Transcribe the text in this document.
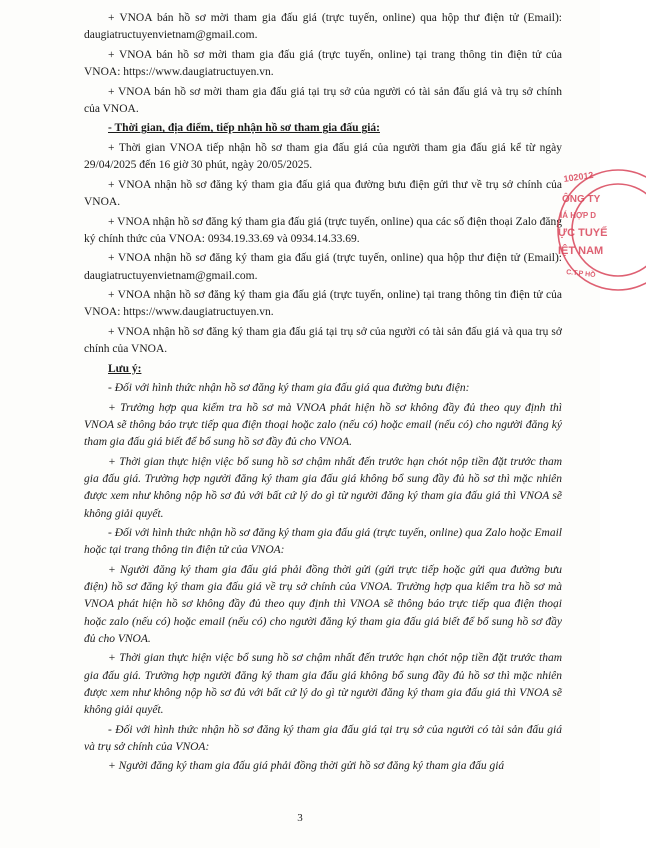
+ VNOA bán hồ sơ mời tham gia đấu giá (trực tuyến, online) qua hộp thư điện tử (Email): daugiatructuyenvietnam@gmail.com.

+ VNOA bán hồ sơ mời tham gia đấu giá (trực tuyến, online) tại trang thông tin điện tử của VNOA: https://www.daugiatructuyen.vn.

+ VNOA bán hồ sơ mời tham gia đấu giá tại trụ sở của người có tài sản đấu giá và trụ sở chính của VNOA.

- Thời gian, địa điểm, tiếp nhận hồ sơ tham gia đấu giá:

+ Thời gian VNOA tiếp nhận hồ sơ tham gia đấu giá của người tham gia đấu giá kể từ ngày 29/04/2025 đến 16 giờ 30 phút, ngày 20/05/2025.

+ VNOA nhận hồ sơ đăng ký tham gia đấu giá qua đường bưu điện gửi thư về trụ sở chính của VNOA.

+ VNOA nhận hồ sơ đăng ký tham gia đấu giá (trực tuyến, online) qua các số điện thoại Zalo đăng ký chính thức của VNOA: 0934.19.33.69 và 0934.14.33.69.

+ VNOA nhận hồ sơ đăng ký tham gia đấu giá (trực tuyến, online) qua hộp thư điện tử (Email): daugiatructuyenvietnam@gmail.com.

+ VNOA nhận hồ sơ đăng ký tham gia đấu giá (trực tuyến, online) tại trang thông tin điện tử của VNOA: https://www.daugiatructuyen.vn.

+ VNOA nhận hồ sơ đăng ký tham gia đấu giá tại trụ sở của người có tài sản đấu giá và qua trụ sở chính của VNOA.

Lưu ý:

- Đối với hình thức nhận hồ sơ đăng ký tham gia đấu giá qua đường bưu điện:

+ Trường hợp qua kiểm tra hồ sơ mà VNOA phát hiện hồ sơ không đầy đủ theo quy định thì VNOA sẽ thông báo trực tiếp qua điện thoại hoặc zalo (nếu có) hoặc email (nếu có) cho người đăng ký tham gia đấu giá biết để bổ sung hồ sơ đầy đủ cho VNOA.

+ Thời gian thực hiện việc bổ sung hồ sơ chậm nhất đến trước hạn chót nộp tiền đặt trước tham gia đấu giá. Trường hợp người đăng ký tham gia đấu giá không bổ sung đầy đủ hồ sơ thì mặc nhiên được xem như không nộp hồ sơ đủ với bất cứ lý do gì từ người đăng ký tham gia đấu giá thì VNOA sẽ không giải quyết.

- Đối với hình thức nhận hồ sơ đăng ký tham gia đấu giá (trực tuyến, online) qua Zalo hoặc Email hoặc tại trang thông tin điện tử của VNOA:

+ Người đăng ký tham gia đấu giá phải đồng thời gửi (gửi trực tiếp hoặc gửi qua đường bưu điện) hồ sơ đăng ký tham gia đấu giá về trụ sở chính của VNOA. Trường hợp qua kiểm tra hồ sơ mà VNOA phát hiện hồ sơ không đầy đủ theo quy định thì VNOA sẽ thông báo trực tiếp qua điện thoại hoặc zalo (nếu có) hoặc email (nếu có) cho người đăng ký tham gia đấu giá biết để bổ sung hồ sơ đầy đủ cho VNOA.

+ Thời gian thực hiện việc bổ sung hồ sơ chậm nhất đến trước hạn chót nộp tiền đặt trước tham gia đấu giá. Trường hợp người đăng ký tham gia đấu giá không bổ sung đầy đủ hồ sơ thì mặc nhiên được xem như không nộp hồ sơ đủ với bất cứ lý do gì từ người đăng ký tham gia đấu giá thì VNOA sẽ không giải quyết.

- Đối với hình thức nhận hồ sơ đăng ký tham gia đấu giá tại trụ sở của người có tài sản đấu giá và trụ sở chính của VNOA:

+ Người đăng ký tham gia đấu giá phải đồng thời gửi hồ sơ đăng ký tham gia đấu giá

3
102012
ÔNG TY
IÁ HỢP D
ỰC TUYẾ
IỆT NAM
C.T.P HỒ
